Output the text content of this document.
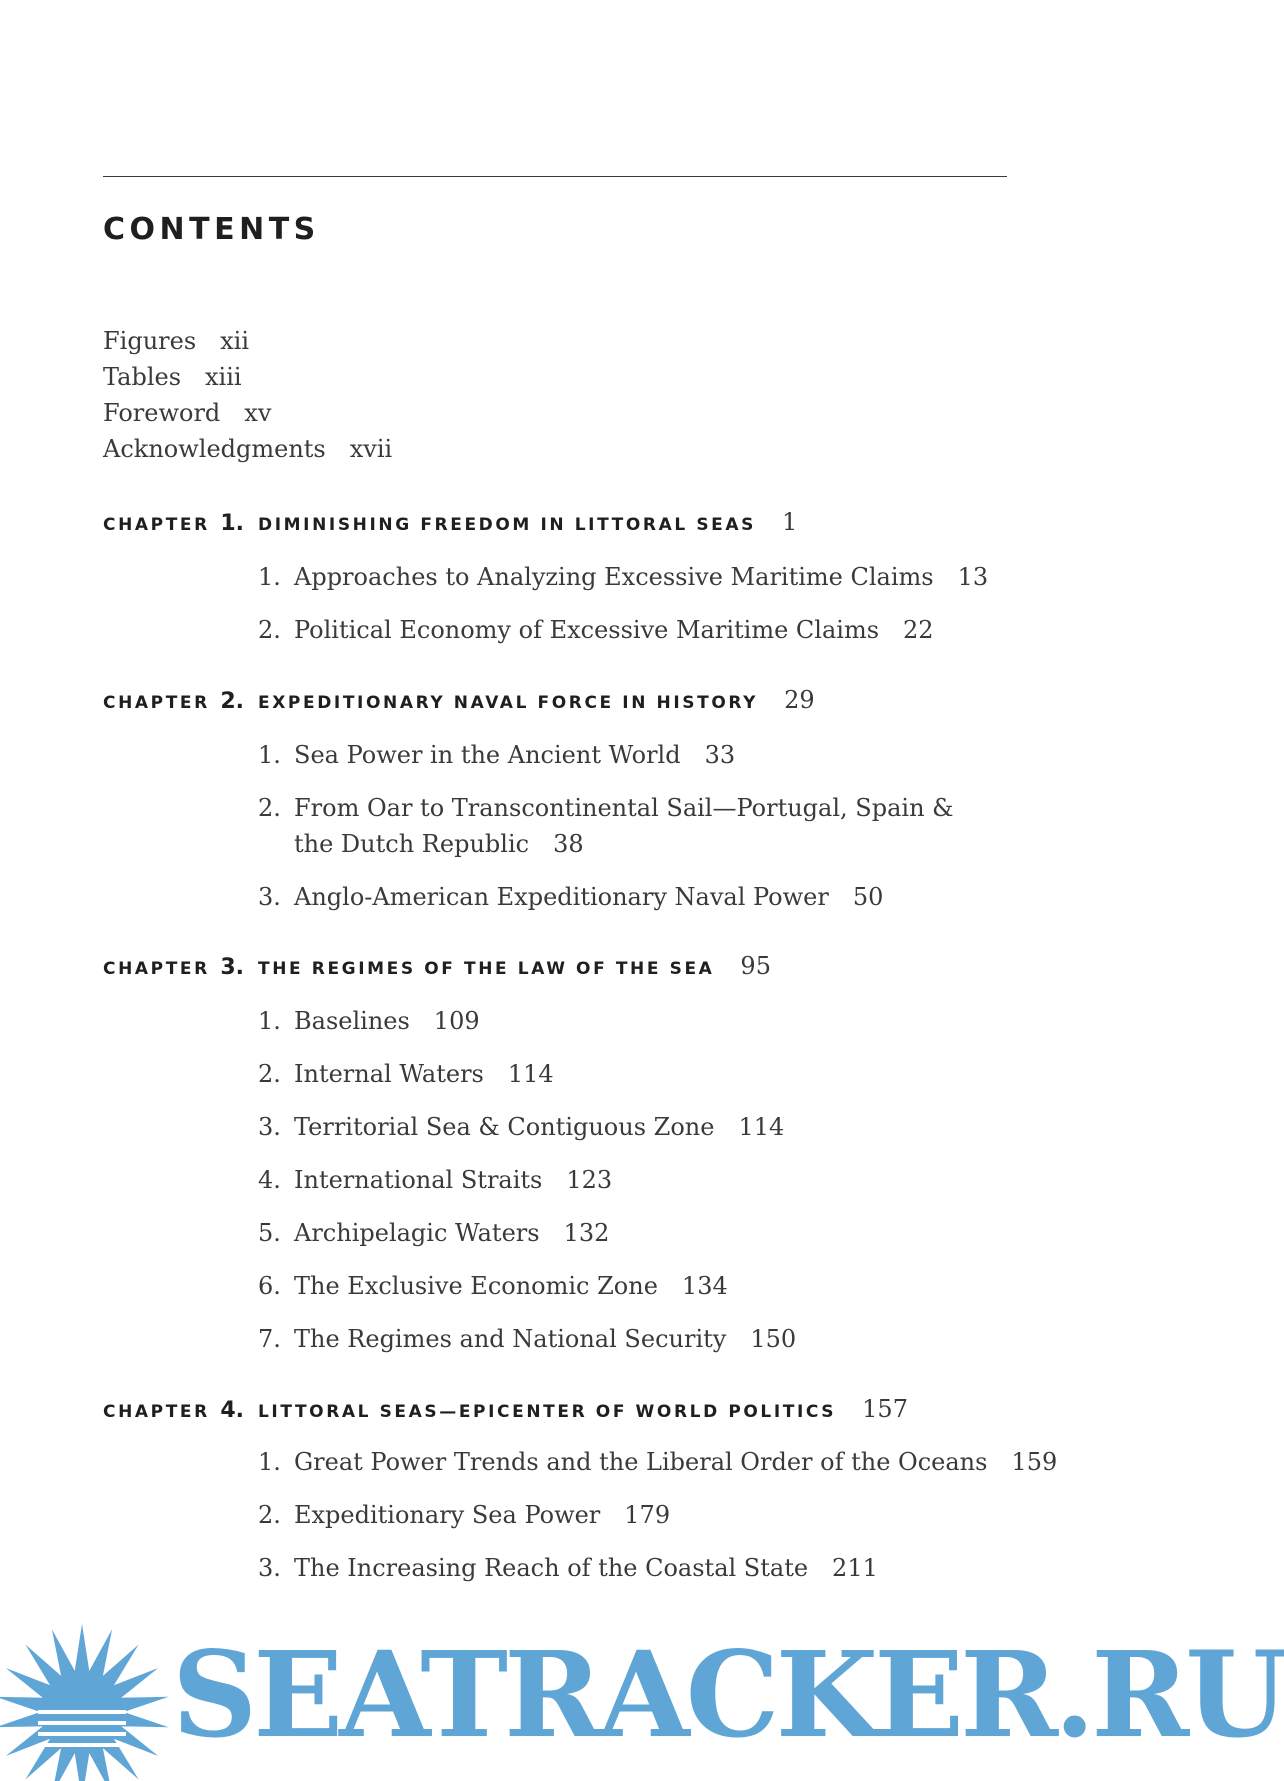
CONTENTS
Figures xii
Tables xiii
Foreword xv
Acknowledgments xvii
CHAPTER 1. DIMINISHING FREEDOM IN LITTORAL SEAS 1
1. Approaches to Analyzing Excessive Maritime Claims 13
2. Political Economy of Excessive Maritime Claims 22
CHAPTER 2. EXPEDITIONARY NAVAL FORCE IN HISTORY 29
1. Sea Power in the Ancient World 33
2. From Oar to Transcontinental Sail—Portugal, Spain & the Dutch Republic 38
3. Anglo-American Expeditionary Naval Power 50
CHAPTER 3. THE REGIMES OF THE LAW OF THE SEA 95
1. Baselines 109
2. Internal Waters 114
3. Territorial Sea & Contiguous Zone 114
4. International Straits 123
5. Archipelagic Waters 132
6. The Exclusive Economic Zone 134
7. The Regimes and National Security 150
CHAPTER 4. LITTORAL SEAS—EPICENTER OF WORLD POLITICS 157
1. Great Power Trends and the Liberal Order of the Oceans 159
2. Expeditionary Sea Power 179
3. The Increasing Reach of the Coastal State 211
SEATRACKER.RU
